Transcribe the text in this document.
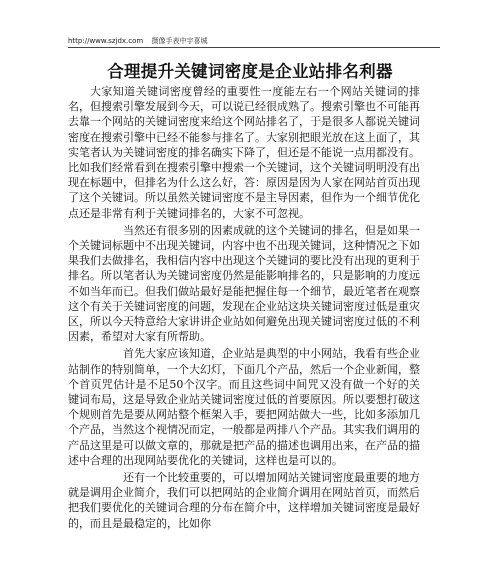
http://www.szjdx.com 摄像手表中宇喜城
合理提升关键词密度是企业站排名利器

大家知道关键词密度曾经的重要性一度能左右一个网站关键词的排名，但搜索引擎发展到今天，可以说已经很成熟了。搜索引擎也不可能再去靠一个网站的关键词密度来给这个网站排名了，于是很多人都说关键词密度在搜索引擎中已经不能参与排名了。大家别把眼光放在这上面了，其实笔者认为关键词密度的排名确实下降了，但还是不能说一点用都没有。比如我们经常看到在搜索引擎中搜索一个关键词，这个关键词明明没有出现在标题中，但排名为什么这么好，答：原因是因为人家在网站首页出现了这个关键词。所以虽然关键词密度不是主导因素，但作为一个细节优化点还是非常有利于关键词排名的，大家不可忽视。

当然还有很多别的因素成就的这个关键词的排名，但是如果一个关键词标题中不出现关键词，内容中也不出现关键词，这种情况之下如果我们去做排名，我相信内容中出现这个关键词的要比没有出现的更利于排名。所以笔者认为关键词密度仍然是能影响排名的，只是影响的力度远不如当年而已。但我们做站最好是能把握住每一个细节，最近笔者在观察这个有关于关键词密度的问题，发现在企业站这块关键词密度过低是重灾区，所以今天特意给大家讲讲企业站如何避免出现关键词密度过低的不利因素，希望对大家有所帮助。

首先大家应该知道，企业站是典型的中小网站，我看有些企业站制作的特别简单，一个大幻灯，下面几个产品，然后一个企业新闻，整个首页咒估计是不足50个汉字。而且这些词中间咒又没有做一个好的关键词布局，这是导致企业站关键词密度过低的首要原因。所以要想打破这个规则首先是要从网站整个框架入手，要把网站做大一些，比如多添加几个产品，当然这个视情况而定，一般都是两排八个产品。其实我们调用的产品这里是可以做文章的，那就是把产品的描述也调用出来，在产品的描述中合理的出现网站要优化的关键词，这样也是可以的。

还有一个比较重要的，可以增加网站关键词密度最重要的地方就是调用企业简介，我们可以把网站的企业简介调用在网站首页，而然后把我们要优化的关键词合理的分布在简介中，这样增加关键词密度是最好的，而且是最稳定的，比如你
